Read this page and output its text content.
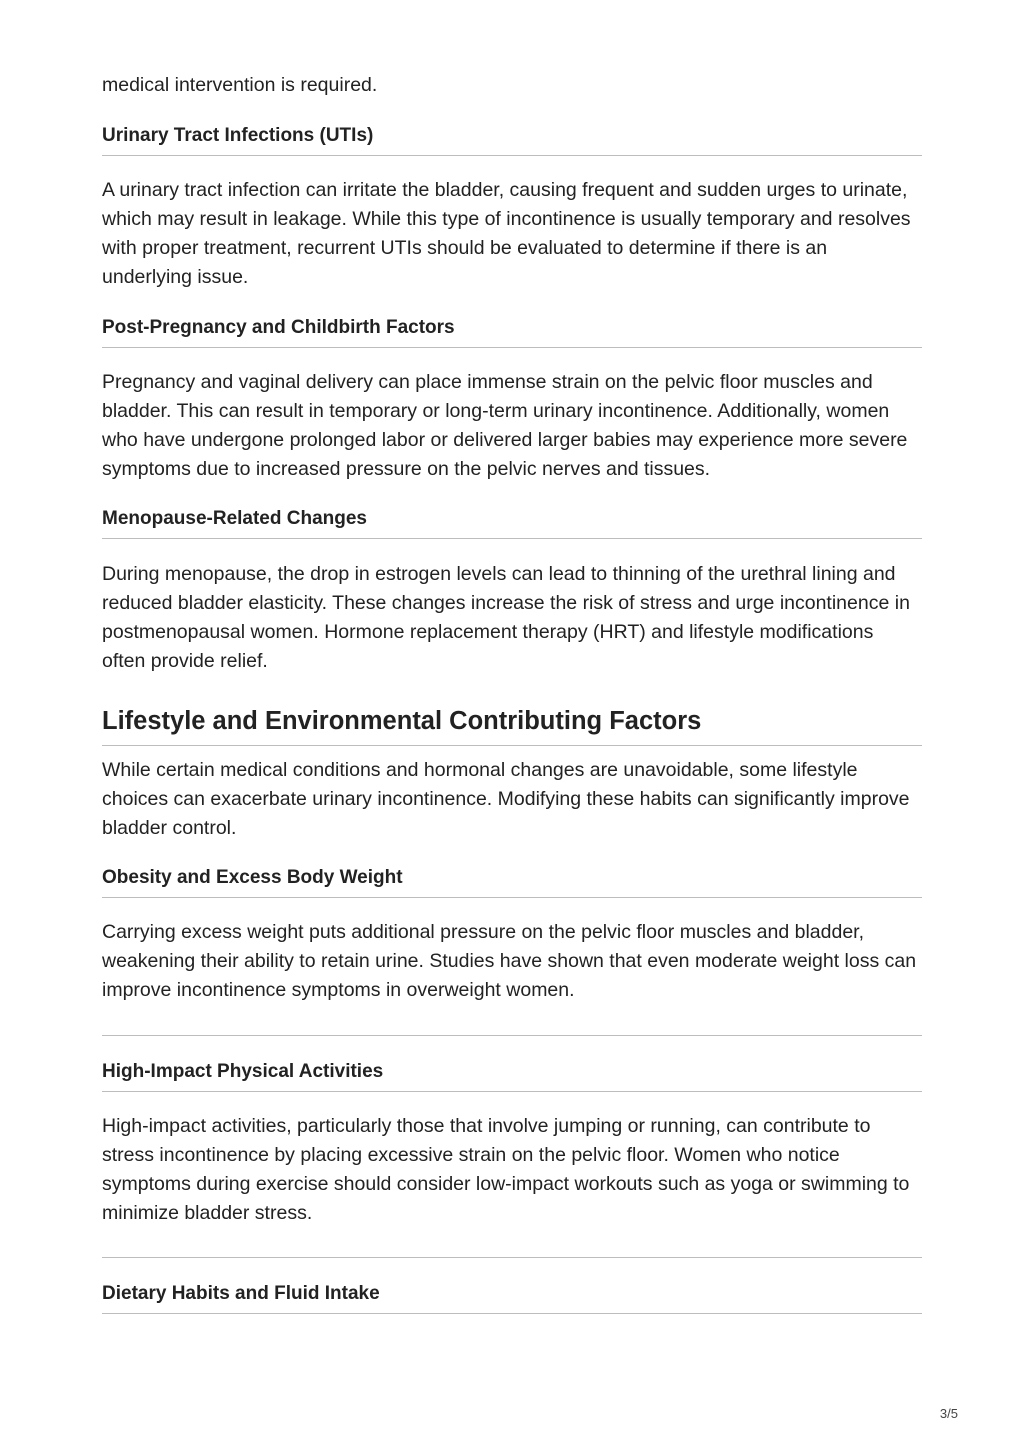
medical intervention is required.

Urinary Tract Infections (UTIs)

A urinary tract infection can irritate the bladder, causing frequent and sudden urges to urinate, which may result in leakage. While this type of incontinence is usually temporary and resolves with proper treatment, recurrent UTIs should be evaluated to determine if there is an underlying issue.

Post-Pregnancy and Childbirth Factors

Pregnancy and vaginal delivery can place immense strain on the pelvic floor muscles and bladder. This can result in temporary or long-term urinary incontinence. Additionally, women who have undergone prolonged labor or delivered larger babies may experience more severe symptoms due to increased pressure on the pelvic nerves and tissues.

Menopause-Related Changes

During menopause, the drop in estrogen levels can lead to thinning of the urethral lining and reduced bladder elasticity. These changes increase the risk of stress and urge incontinence in postmenopausal women. Hormone replacement therapy (HRT) and lifestyle modifications often provide relief.

Lifestyle and Environmental Contributing Factors

While certain medical conditions and hormonal changes are unavoidable, some lifestyle choices can exacerbate urinary incontinence. Modifying these habits can significantly improve bladder control.

Obesity and Excess Body Weight

Carrying excess weight puts additional pressure on the pelvic floor muscles and bladder, weakening their ability to retain urine. Studies have shown that even moderate weight loss can improve incontinence symptoms in overweight women.

High-Impact Physical Activities

High-impact activities, particularly those that involve jumping or running, can contribute to stress incontinence by placing excessive strain on the pelvic floor. Women who notice symptoms during exercise should consider low-impact workouts such as yoga or swimming to minimize bladder stress.

Dietary Habits and Fluid Intake
3/5
